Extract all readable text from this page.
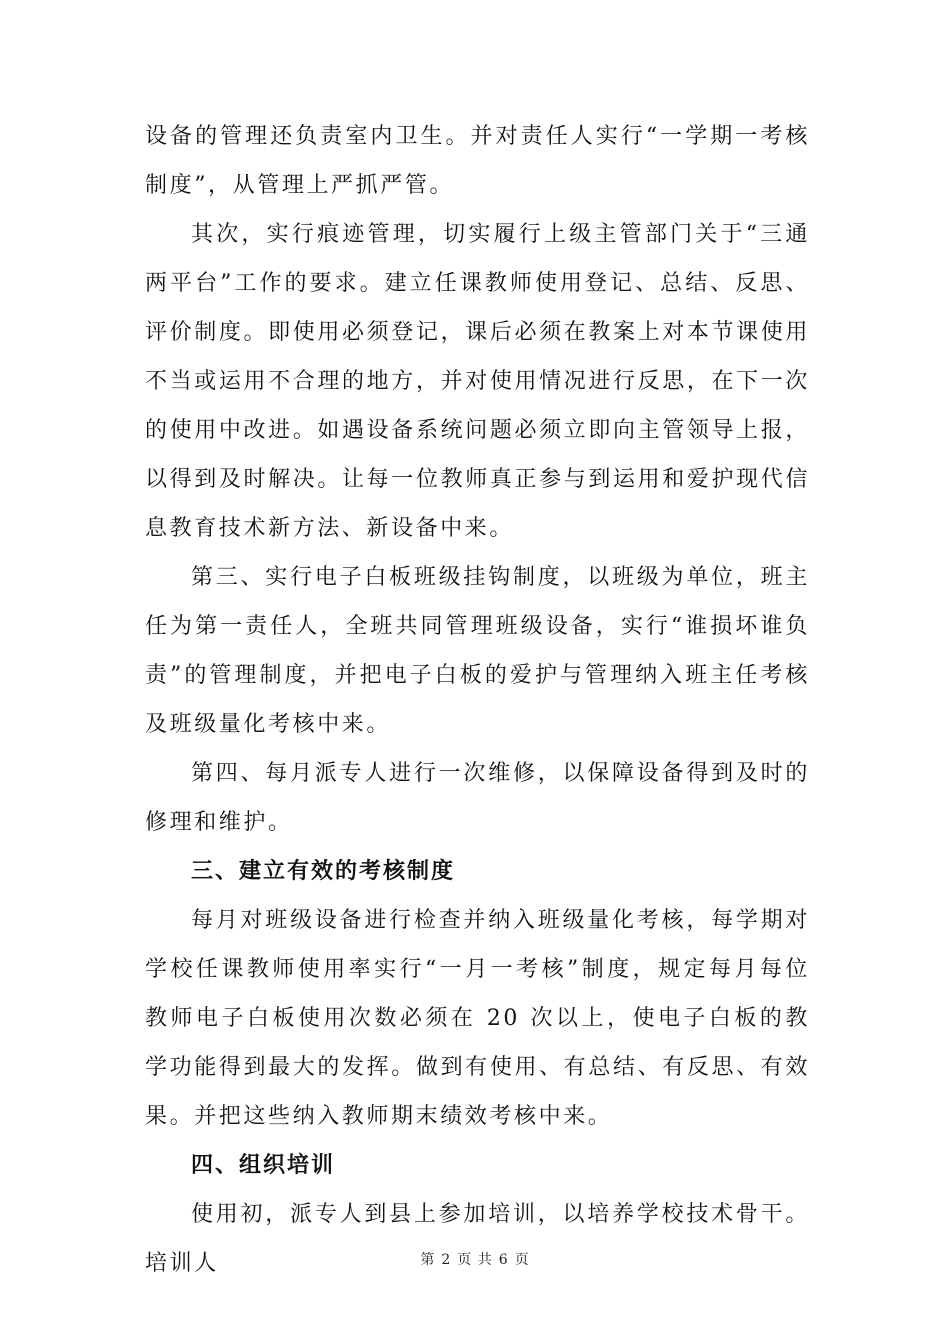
设备的管理还负责室内卫生。并对责任人实行“一学期一考核制度”，从管理上严抓严管。

其次，实行痕迹管理，切实履行上级主管部门关于“三通两平台”工作的要求。建立任课教师使用登记、总结、反思、评价制度。即使用必须登记，课后必须在教案上对本节课使用不当或运用不合理的地方，并对使用情况进行反思，在下一次的使用中改进。如遇设备系统问题必须立即向主管领导上报，以得到及时解决。让每一位教师真正参与到运用和爱护现代信息教育技术新方法、新设备中来。

第三、实行电子白板班级挂钩制度，以班级为单位，班主任为第一责任人，全班共同管理班级设备，实行“谁损坏谁负责”的管理制度，并把电子白板的爱护与管理纳入班主任考核及班级量化考核中来。

第四、每月派专人进行一次维修，以保障设备得到及时的修理和维护。

三、建立有效的考核制度

每月对班级设备进行检查并纳入班级量化考核，每学期对学校任课教师使用率实行“一月一考核”制度，规定每月每位教师电子白板使用次数必须在 20 次以上，使电子白板的教学功能得到最大的发挥。做到有使用、有总结、有反思、有效果。并把这些纳入教师期末绩效考核中来。

四、组织培训

使用初，派专人到县上参加培训，以培养学校技术骨干。培训人	第 2 页 共 6 页
